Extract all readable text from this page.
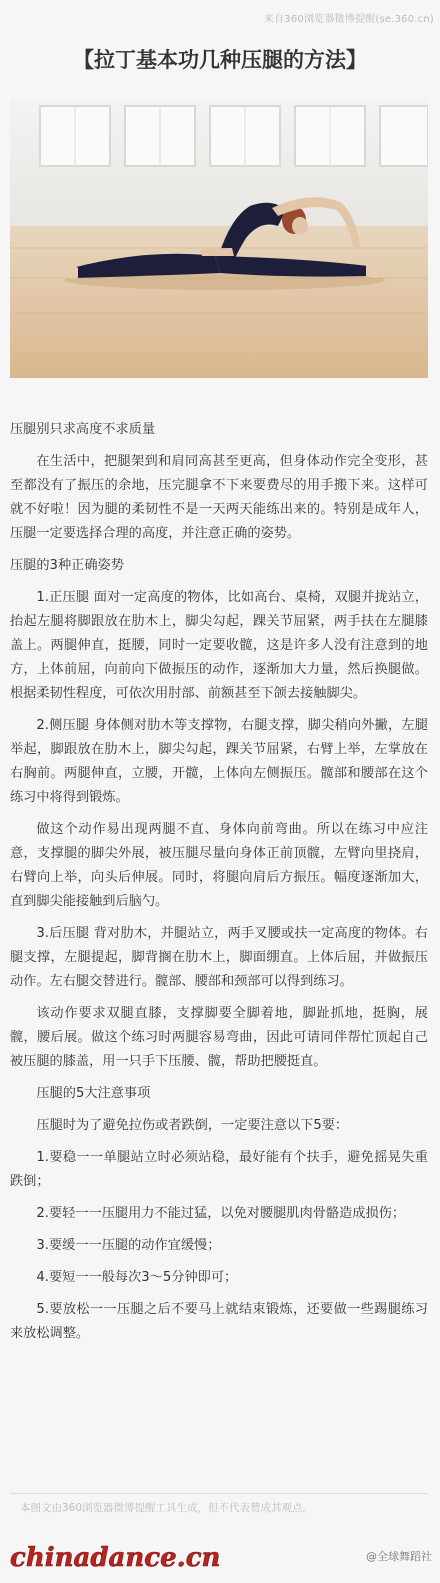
来自360浏览器微博提醒(se.360.cn)
【拉丁基本功几种压腿的方法】

压腿别只求高度不求质量

在生活中，把腿架到和肩同高甚至更高，但身体动作完全变形，甚至都没有了振压的余地，压完腿拿不下来要费尽的用手搬下来。这样可就不好啦！因为腿的柔韧性不是一天两天能练出来的。特别是成年人，压腿一定要选择合理的高度，并注意正确的姿势。

压腿的3种正确姿势

1.正压腿 面对一定高度的物体，比如高台、桌椅，双腿并拢站立，抬起左腿将脚跟放在肋木上，脚尖勾起，踝关节屈紧，两手扶在左腿膝盖上。两腿伸直，挺腰，同时一定要收髋，这是许多人没有注意到的地方，上体前屈，向前向下做振压的动作，逐渐加大力量，然后换腿做。根据柔韧性程度，可依次用肘部、前额甚至下颌去接触脚尖。

2.侧压腿 身体侧对肋木等支撑物，右腿支撑，脚尖稍向外撇，左腿举起，脚跟放在肋木上，脚尖勾起，踝关节屈紧，右臂上举，左掌放在右胸前。两腿伸直，立腰，开髋，上体向左侧振压。髋部和腰部在这个练习中将得到锻炼。

做这个动作易出现两腿不直、身体向前弯曲。所以在练习中应注意，支撑腿的脚尖外展，被压腿尽量向身体正前顶髋，左臂向里挠肩，右臂向上举，向头后伸展。同时，将腿向肩后方振压。幅度逐渐加大，直到脚尖能接触到后脑勺。

3.后压腿 背对肋木，并腿站立，两手叉腰或扶一定高度的物体。右腿支撑，左腿提起，脚背搁在肋木上，脚面绷直。上体后屈，并做振压动作。左右腿交替进行。髋部、腰部和颈部可以得到练习。

该动作要求双腿直膝，支撑脚要全脚着地，脚趾抓地，挺胸，展髋，腰后展。做这个练习时两腿容易弯曲，因此可请同伴帮忙顶起自己被压腿的膝盖，用一只手下压腰、髋，帮助把腰挺直。

压腿的5大注意事项

压腿时为了避免拉伤或者跌倒，一定要注意以下5要：

1.要稳一一单腿站立时必须站稳，最好能有个扶手，避免摇晃失重跌倒；

2.要轻一一压腿用力不能过猛，以免对腰腿肌肉骨骼造成损伤；

3.要缓一一压腿的动作宜缓慢；

4.要短一一般每次3～5分钟即可；

5.要放松一一压腿之后不要马上就结束锻炼，还要做一些踢腿练习来放松调整。

本图文由360浏览器微博提醒工具生成，但不代表赞成其观点。
chinadance.cn	@全球舞蹈社
